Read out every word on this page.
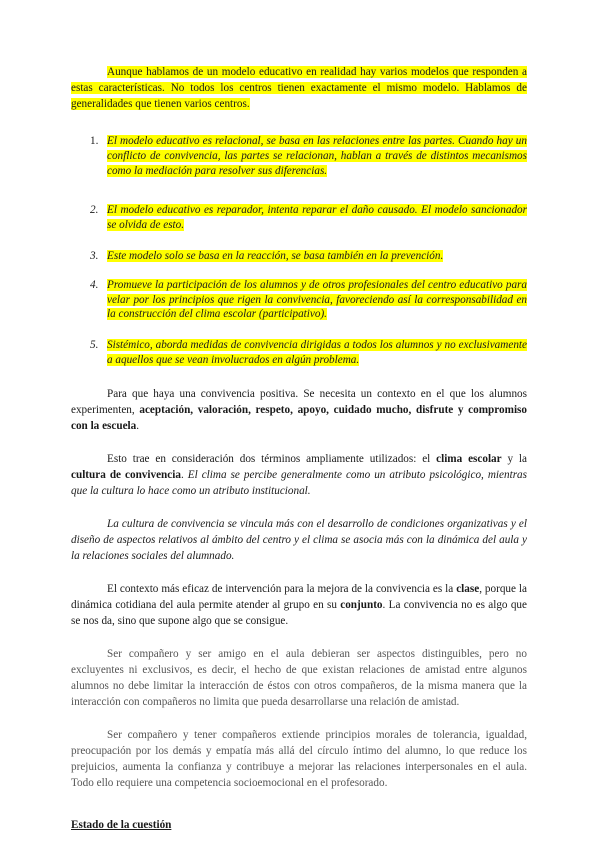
Aunque hablamos de un modelo educativo en realidad hay varios modelos que responden a estas características. No todos los centros tienen exactamente el mismo modelo. Hablamos de generalidades que tienen varios centros.

1. El modelo educativo es relacional, se basa en las relaciones entre las partes. Cuando hay un conflicto de convivencia, las partes se relacionan, hablan a través de distintos mecanismos como la mediación para resolver sus diferencias.
2. El modelo educativo es reparador, intenta reparar el daño causado. El modelo sancionador se olvida de esto.
3. Este modelo solo se basa en la reacción, se basa también en la prevención.
4. Promueve la participación de los alumnos y de otros profesionales del centro educativo para velar por los principios que rigen la convivencia, favoreciendo así la corresponsabilidad en la construcción del clima escolar (participativo).
5. Sistémico, aborda medidas de convivencia dirigidas a todos los alumnos y no exclusivamente a aquellos que se vean involucrados en algún problema.

Para que haya una convivencia positiva. Se necesita un contexto en el que los alumnos experimenten, aceptación, valoración, respeto, apoyo, cuidado mucho, disfrute y compromiso con la escuela.

Esto trae en consideración dos términos ampliamente utilizados: el clima escolar y la cultura de convivencia. El clima se percibe generalmente como un atributo psicológico, mientras que la cultura lo hace como un atributo institucional.

La cultura de convivencia se vincula más con el desarrollo de condiciones organizativas y el diseño de aspectos relativos al ámbito del centro y el clima se asocia más con la dinámica del aula y la relaciones sociales del alumnado.

El contexto más eficaz de intervención para la mejora de la convivencia es la clase, porque la dinámica cotidiana del aula permite atender al grupo en su conjunto. La convivencia no es algo que se nos da, sino que supone algo que se consigue.

Ser compañero y ser amigo en el aula debieran ser aspectos distinguibles, pero no excluyentes ni exclusivos, es decir, el hecho de que existan relaciones de amistad entre algunos alumnos no debe limitar la interacción de éstos con otros compañeros, de la misma manera que la interacción con compañeros no limita que pueda desarrollarse una relación de amistad.

Ser compañero y tener compañeros extiende principios morales de tolerancia, igualdad, preocupación por los demás y empatía más allá del círculo íntimo del alumno, lo que reduce los prejuicios, aumenta la confianza y contribuye a mejorar las relaciones interpersonales en el aula. Todo ello requiere una competencia socioemocional en el profesorado.

Estado de la cuestión
